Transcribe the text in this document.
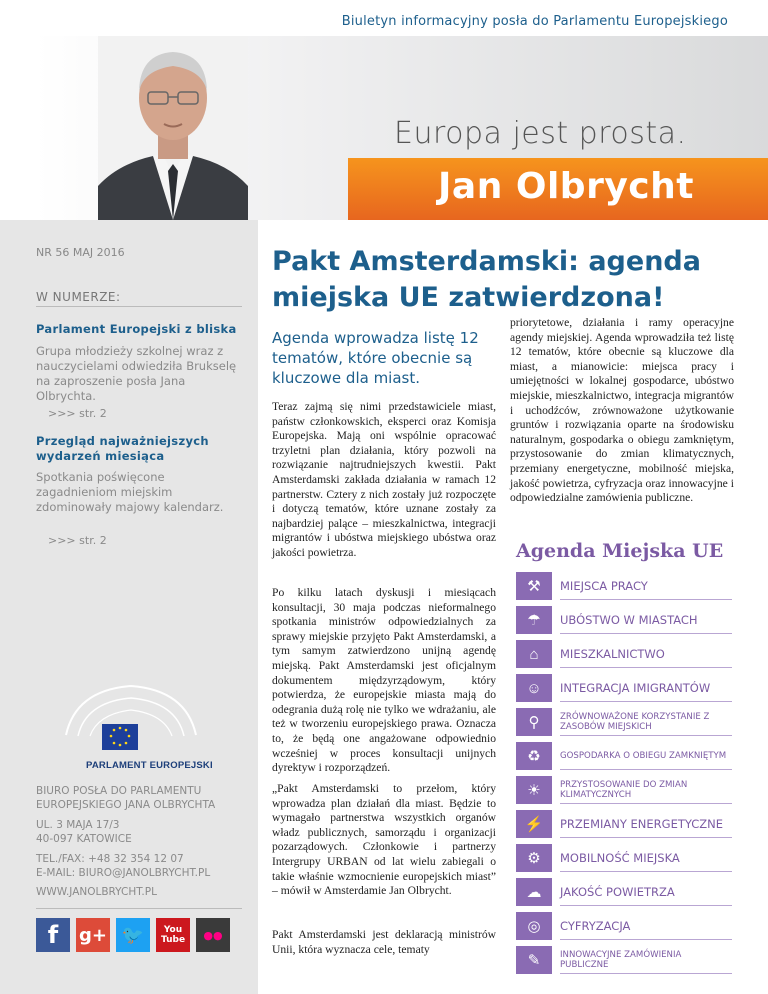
Biuletyn informacyjny posła do Parlamentu Europejskiego
Europa jest prosta.
Jan Olbrycht
NR 56 MAJ 2016
W NUMERZE:
Parlament Europejski z bliska
Grupa młodzieży szkolnej wraz z nauczycielami odwiedziła Brukselę na zaproszenie posła Jana Olbrychta.
>>> str. 2
Przegląd najważniejszych wydarzeń miesiąca
Spotkania poświęcone zagadnieniom miejskim zdominowały majowy kalendarz.
>>> str. 2
PARLAMENT EUROPEJSKI
BIURO POSŁA DO PARLAMENTU EUROPEJSKIEGO JANA OLBRYCHTA
UL. 3 MAJA 17/3
40-097 KATOWICE
TEL./FAX: +48 32 354 12 07
E-MAIL: BIURO@JANOLBRYCHT.PL
WWW.JANOLBRYCHT.PL
f	g+ 🐦	You Tube	●●
Pakt Amsterdamski: agenda miejska UE zatwierdzona!
Agenda wprowadza listę 12 tematów, które obecnie są kluczowe dla miast.
Teraz zajmą się nimi przedstawiciele miast, państw członkowskich, eksperci oraz Komisja Europejska. Mają oni wspólnie opracować trzyletni plan działania, który pozwoli na rozwiązanie najtrudniejszych kwestii. Pakt Amsterdamski zakłada działania w ramach 12 partnerstw. Cztery z nich zostały już rozpoczęte i dotyczą tematów, które uznane zostały za najbardziej palące – mieszkalnictwa, integracji migrantów i ubóstwa miejskiego ubóstwa oraz jakości powietrza.
Po kilku latach dyskusji i miesiącach konsultacji, 30 maja podczas nieformalnego spotkania ministrów odpowiedzialnych za sprawy miejskie przyjęto Pakt Amsterdamski, a tym samym zatwierdzono unijną agendę miejską. Pakt Amsterdamski jest oficjalnym dokumentem międzyrządowym, który potwierdza, że europejskie miasta mają do odegrania dużą rolę nie tylko we wdrażaniu, ale też w tworzeniu europejskiego prawa. Oznacza to, że będą one angażowane odpowiednio wcześniej w proces konsultacji unijnych dyrektyw i rozporządzeń.
„Pakt Amsterdamski to przełom, który wprowadza plan działań dla miast. Będzie to wymagało partnerstwa wszystkich organów władz publicznych, samorządu i organizacji pozarządowych. Członkowie i partnerzy Intergrupy URBAN od lat wielu zabiegali o takie właśnie wzmocnienie europejskich miast” – mówił w Amsterdamie Jan Olbrycht.
Pakt Amsterdamski jest deklaracją ministrów Unii, która wyznacza cele, tematy
priorytetowe, działania i ramy operacyjne agendy miejskiej. Agenda wprowadziła też listę 12 tematów, które obecnie są kluczowe dla miast, a mianowicie: miejsca pracy i umiejętności w lokalnej gospodarce, ubóstwo miejskie, mieszkalnictwo, integracja migrantów i uchodźców, zrównoważone użytkowanie gruntów i rozwiązania oparte na środowisku naturalnym, gospodarka o obiegu zamkniętym, przystosowanie do zmian klimatycznych, przemiany energetyczne, mobilność miejska, jakość powietrza, cyfryzacja oraz innowacyjne i odpowiedzialne zamówienia publiczne.
Agenda Miejska UE
⚒	MIEJSCA PRACY
☂	UBÓSTWO W MIASTACH
⌂	MIESZKALNICTWO
☺	INTEGRACJA IMIGRANTÓW
⚲	ZRÓWNOWAŻONE KORZYSTANIE Z ZASOBÓW MIEJSKICH
♻	GOSPODARKA O OBIEGU ZAMKNIĘTYM
☀	PRZYSTOSOWANIE DO ZMIAN KLIMATYCZNYCH
⚡	PRZEMIANY ENERGETYCZNE
⚙	MOBILNOŚĆ MIEJSKA
☁	JAKOŚĆ POWIETRZA
◎	CYFRYZACJA
✎	INNOWACYJNE ZAMÓWIENIA PUBLICZNE
